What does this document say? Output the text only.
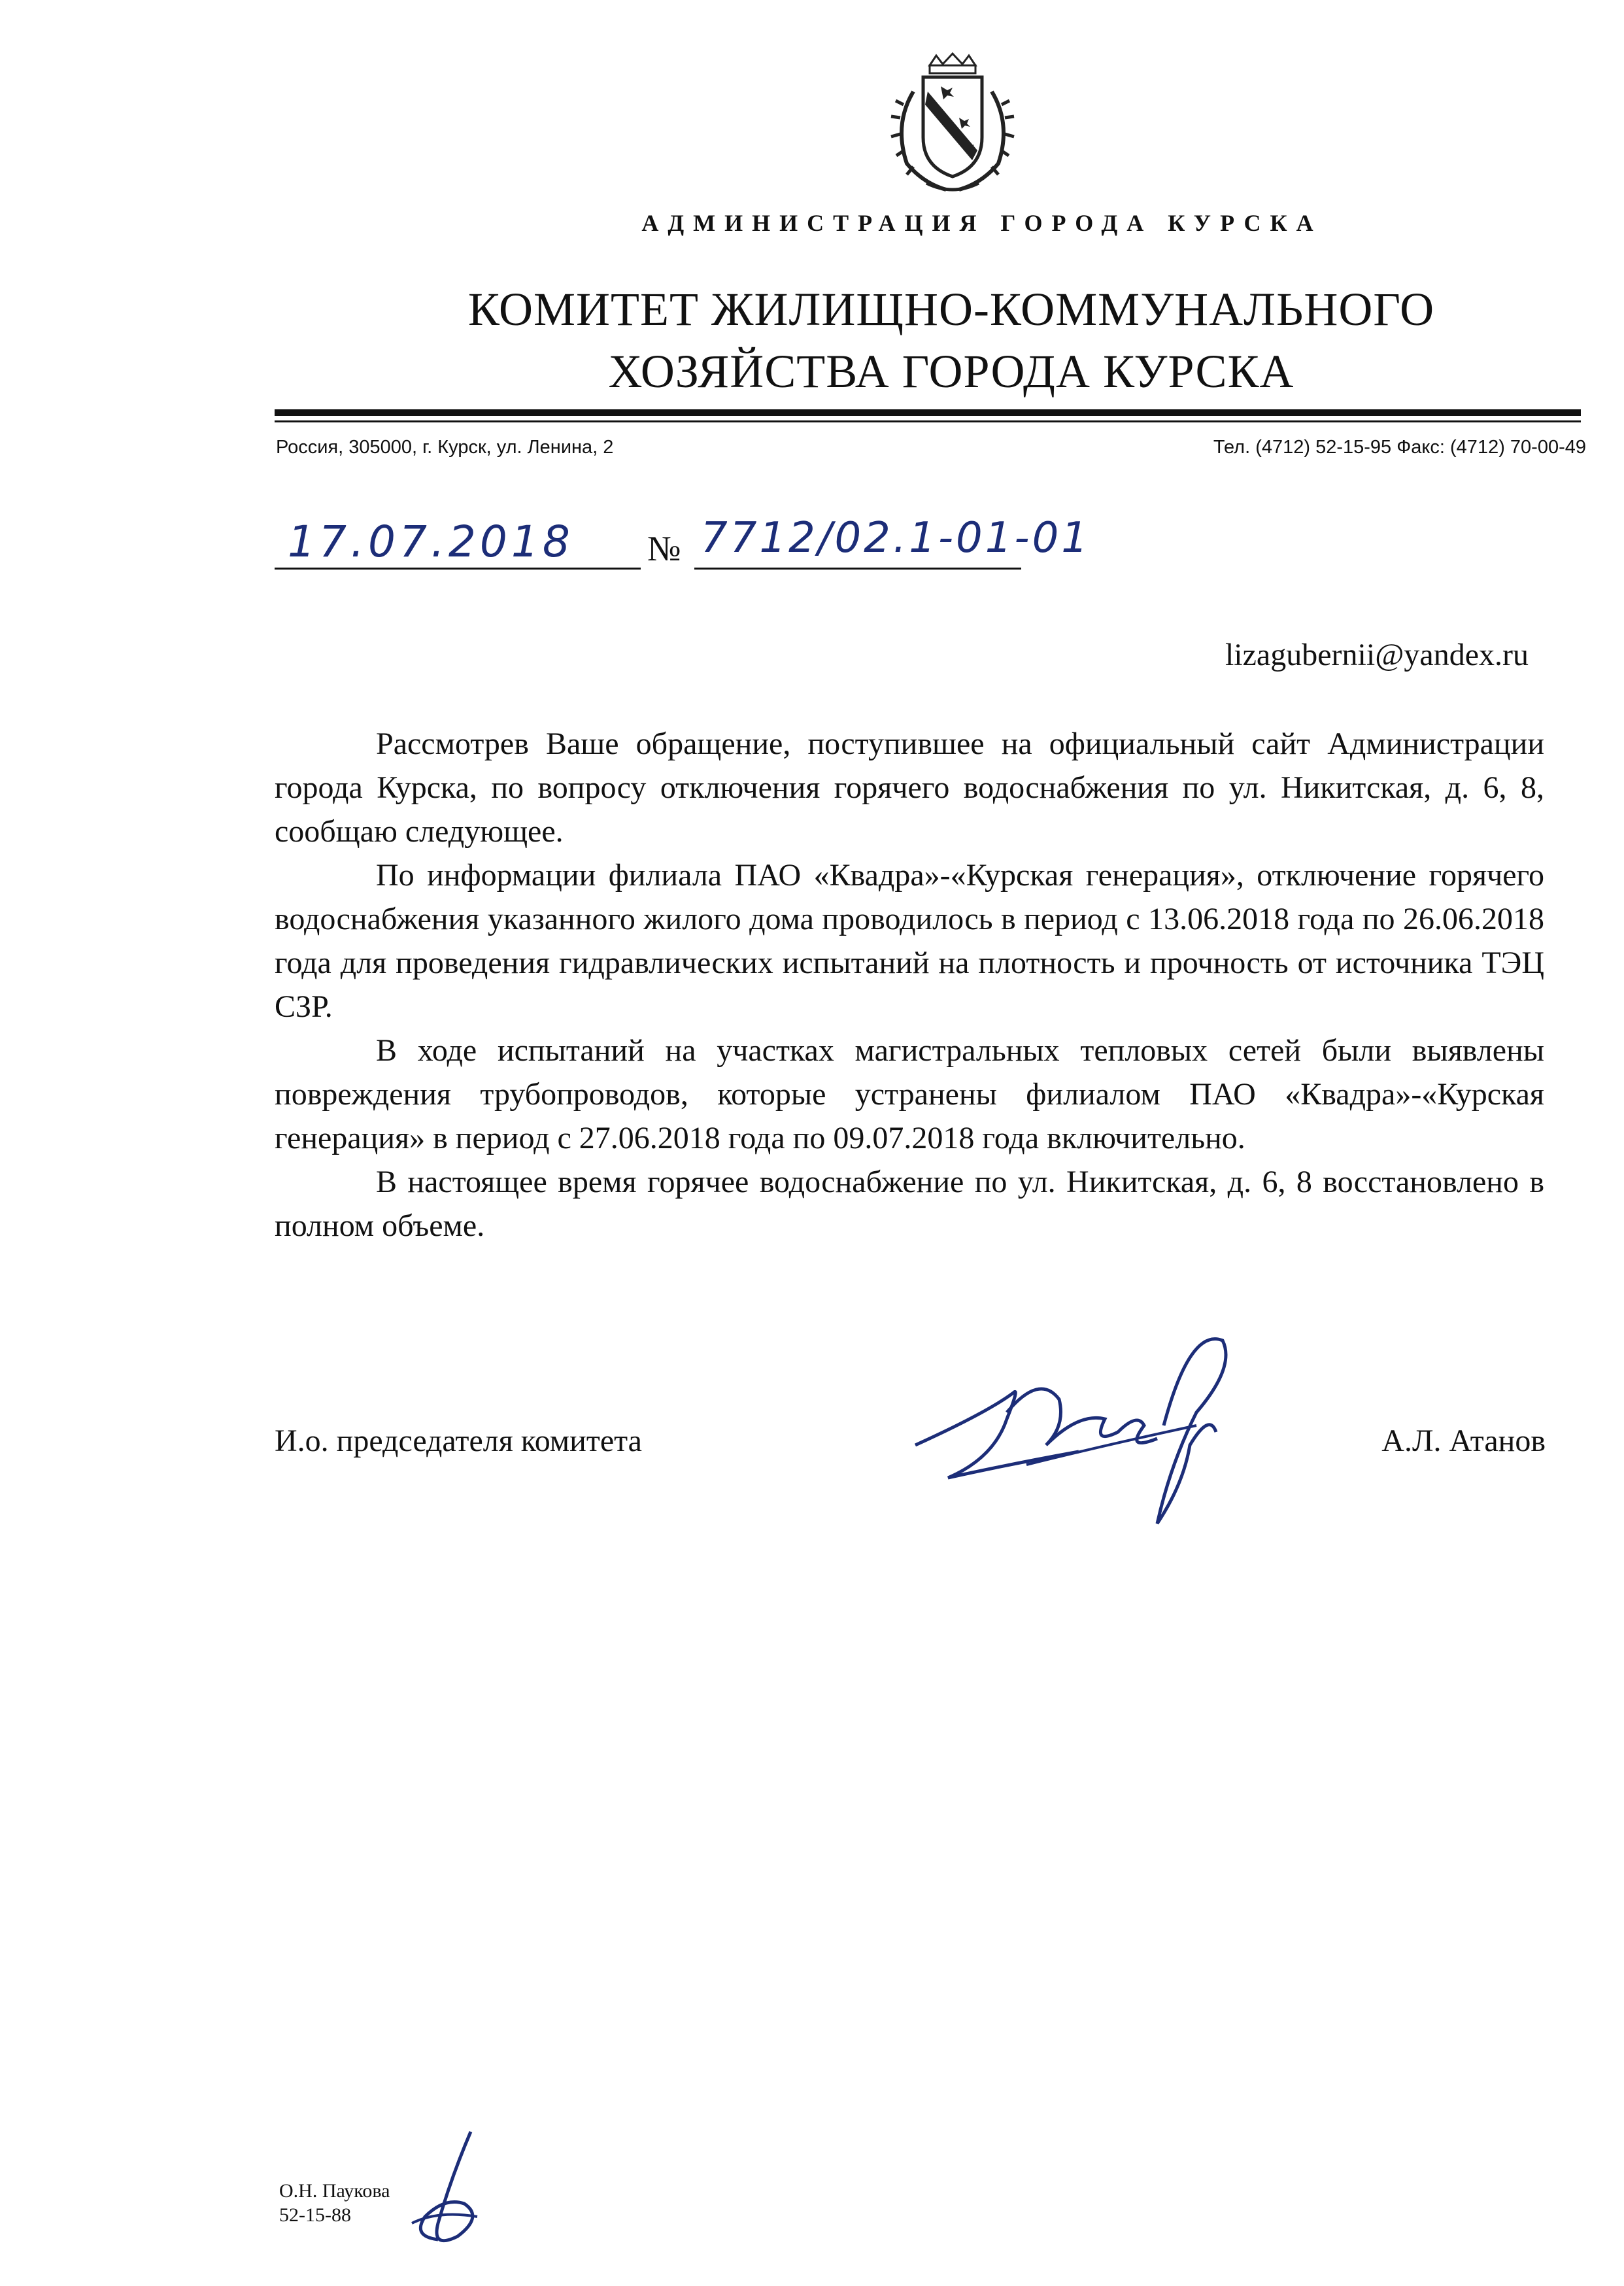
АДМИНИСТРАЦИЯ ГОРОДА КУРСКА
КОМИТЕТ ЖИЛИЩНО-КОММУНАЛЬНОГО
ХОЗЯЙСТВА ГОРОДА КУРСКА
Россия, 305000, г. Курск, ул. Ленина, 2	Тел. (4712) 52-15-95 Факс: (4712) 70-00-49
17.07.2018 № 7712/02.1-01-01
lizagubernii@yandex.ru

Рассмотрев Ваше обращение, поступившее на официальный сайт Администрации города Курска, по вопросу отключения горячего водоснабжения по ул. Никитская, д. 6, 8, сообщаю следующее.

По информации филиала ПАО «Квадра»-«Курская генерация», отключение горячего водоснабжения указанного жилого дома проводилось в период с 13.06.2018 года по 26.06.2018 года для проведения гидравлических испытаний на плотность и прочность от источника ТЭЦ СЗР.

В ходе испытаний на участках магистральных тепловых сетей были выявлены повреждения трубопроводов, которые устранены филиалом ПАО «Квадра»-«Курская генерация» в период с 27.06.2018 года по 09.07.2018 года включительно.

В настоящее время горячее водоснабжение по ул. Никитская, д. 6, 8 восстановлено в полном объеме.

И.о. председателя комитета	А.Л. Атанов
О.Н. Паукова
52-15-88
